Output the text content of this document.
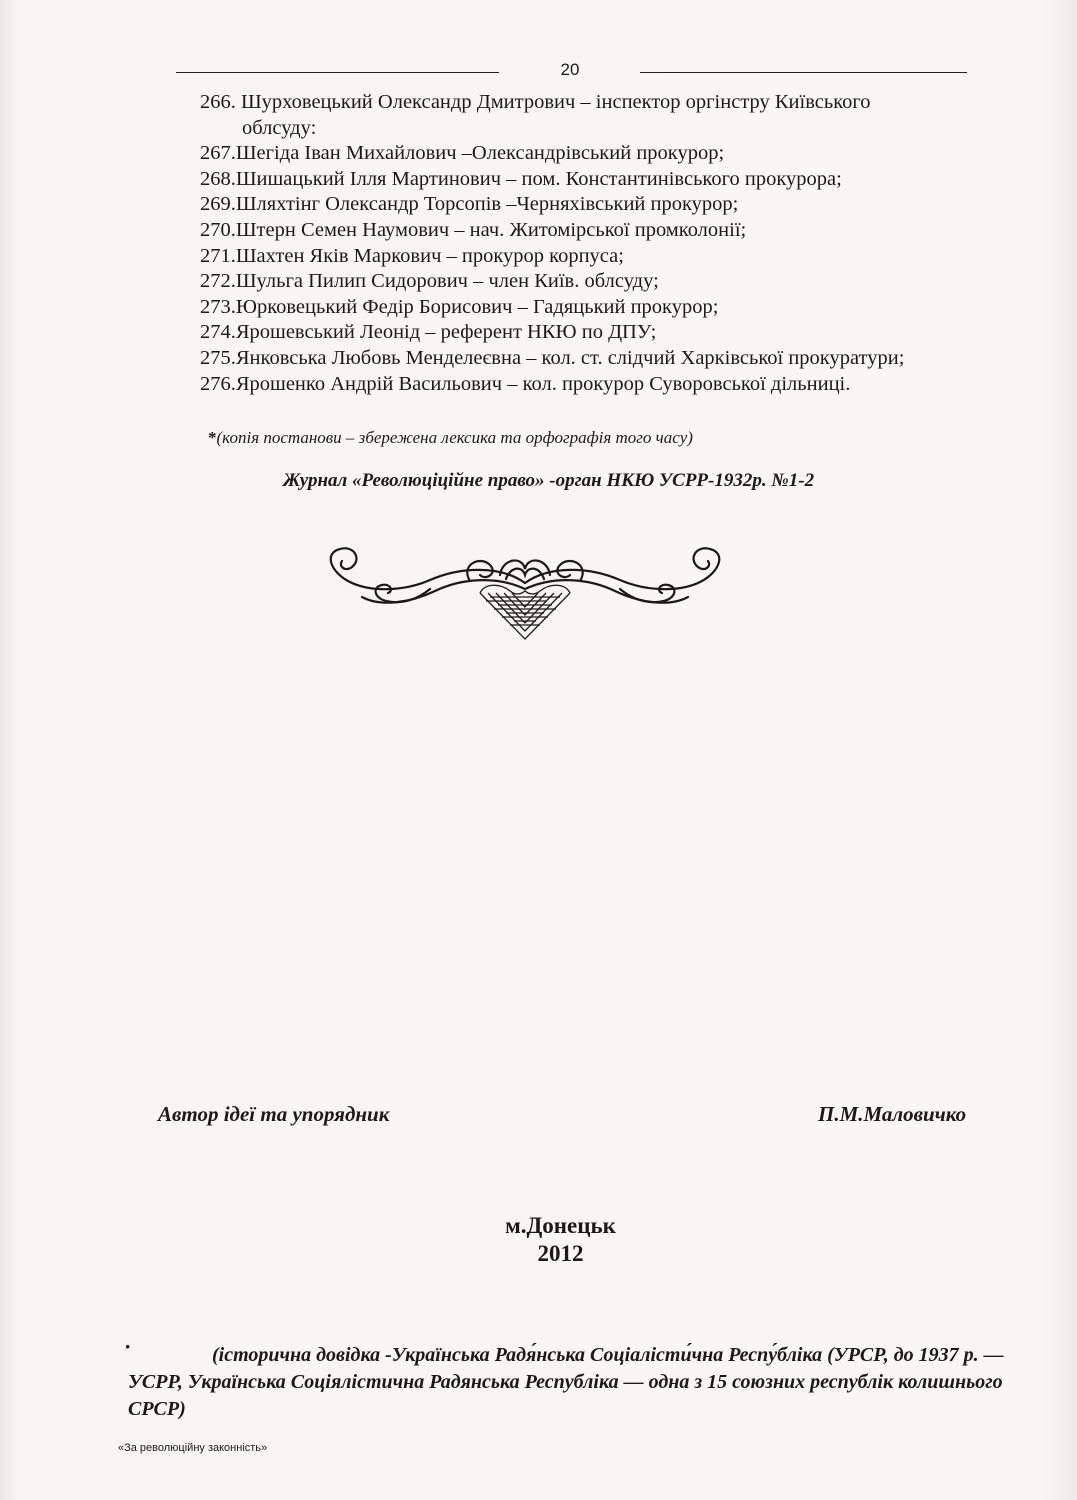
20
266. Шурховецький Олександр Дмитрович – інспектор оргінстру Київського
облсуду:
267.Шегіда Іван Михайлович –Олександрівський прокурор;
268.Шишацький Ілля Мартинович – пом. Константинівського прокурора;
269.Шляхтінг Олександр Торсопів –Черняхівський прокурор;
270.Штерн Семен Наумович – нач. Житомірської промколонії;
271.Шахтен Яків Маркович – прокурор корпуса;
272.Шульга Пилип Сидорович – член Київ. облсуду;
273.Юрковецький Федір Борисович – Гадяцький прокурор;
274.Ярошевський Леонід – референт НКЮ по ДПУ;
275.Янковська Любовь Менделеєвна – кол. ст. слідчий Харківської прокуратури;
276.Ярошенко Андрій Васильович – кол. прокурор Суворовської дільниці.
*(копія постанови – збережена лексика та орфографія того часу)
Журнал «Революціційне право» -орган НКЮ УСРР-1932р. №1-2
Автор ідеї та упорядник	П.М.Маловичко
м.Донецьк
2012
·	(історична довідка -Українська Радя́нська Соціалісти́чна Респу́бліка (УРСР, до 1937 р. — УСРР, Українська Соціялістична Радянська Республіка — одна з 15 союзних республік колишнього СРСР)
«За революційну законність»
